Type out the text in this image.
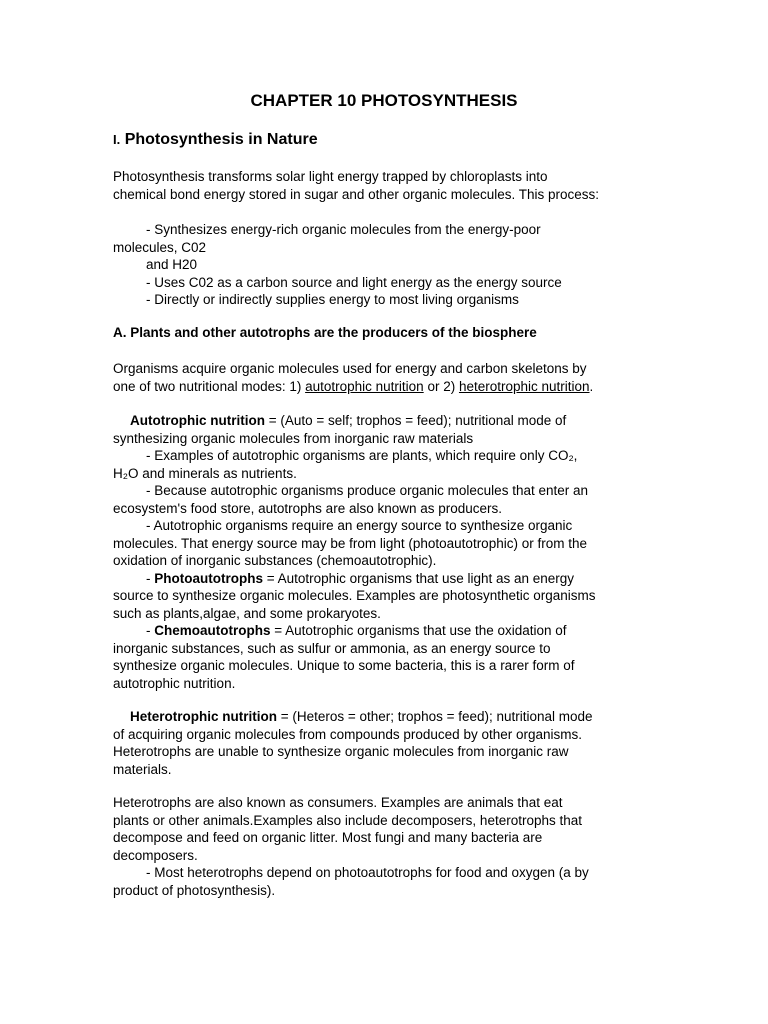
CHAPTER 10 PHOTOSYNTHESIS
I. Photosynthesis in Nature

Photosynthesis transforms solar light energy trapped by chloroplasts into

chemical bond energy stored in sugar and other organic molecules. This process:

- Synthesizes energy-rich organic molecules from the energy-poor

molecules, C02

and H20

- Uses C02 as a carbon source and light energy as the energy source

- Directly or indirectly supplies energy to most living organisms

A. Plants and other autotrophs are the producers of the biosphere

Organisms acquire organic molecules used for energy and carbon skeletons by

one of two nutritional modes: 1) autotrophic nutrition or 2) heterotrophic nutrition.

Autotrophic nutrition = (Auto = self; trophos = feed); nutritional mode of

synthesizing organic molecules from inorganic raw materials

- Examples of autotrophic organisms are plants, which require only CO₂,

H₂O and minerals as nutrients.

- Because autotrophic organisms produce organic molecules that enter an

ecosystem's food store, autotrophs are also known as producers.

- Autotrophic organisms require an energy source to synthesize organic

molecules. That energy source may be from light (photoautotrophic) or from the

oxidation of inorganic substances (chemoautotrophic).

- Photoautotrophs = Autotrophic organisms that use light as an energy

source to synthesize organic molecules. Examples are photosynthetic organisms

such as plants,algae, and some prokaryotes.

- Chemoautotrophs = Autotrophic organisms that use the oxidation of

inorganic substances, such as sulfur or ammonia, as an energy source to

synthesize organic molecules. Unique to some bacteria, this is a rarer form of

autotrophic nutrition.

Heterotrophic nutrition = (Heteros = other; trophos = feed); nutritional mode

of acquiring organic molecules from compounds produced by other organisms.

Heterotrophs are unable to synthesize organic molecules from inorganic raw

materials.

Heterotrophs are also known as consumers. Examples are animals that eat

plants or other animals.Examples also include decomposers, heterotrophs that

decompose and feed on organic litter. Most fungi and many bacteria are

decomposers.

- Most heterotrophs depend on photoautotrophs for food and oxygen (a by

product of photosynthesis).
